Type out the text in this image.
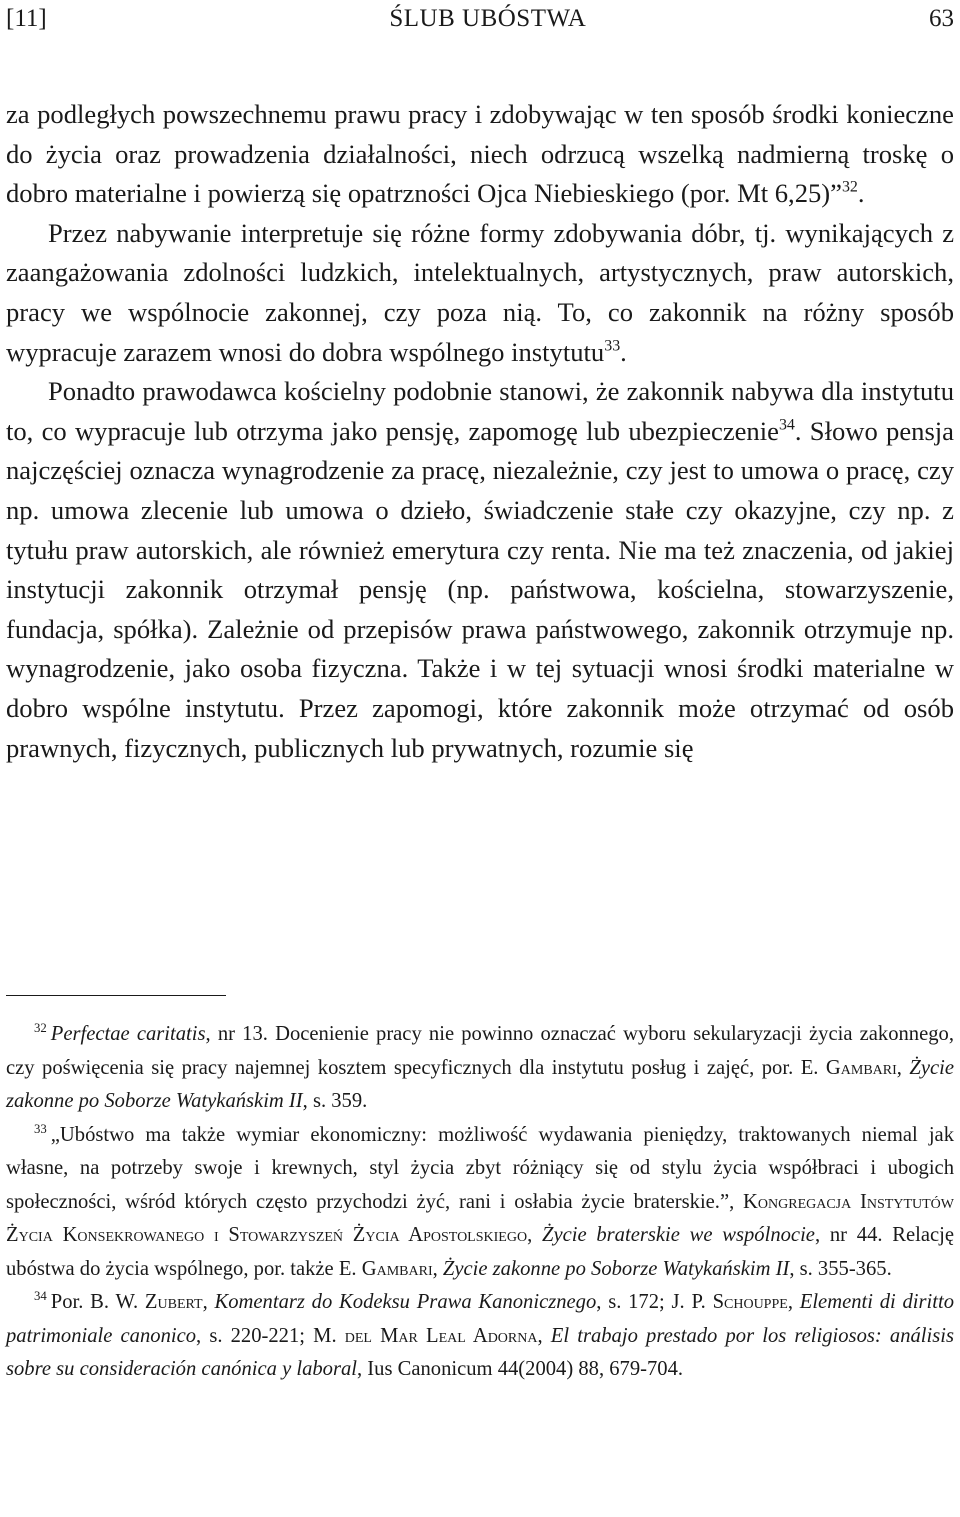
[11]	ŚLUB UBÓSTWA	63

za podległych powszechnemu prawu pracy i zdobywając w ten sposób środki konieczne do życia oraz prowadzenia działalności, niech odrzucą wszelką nadmierną troskę o dobro materialne i powierzą się opatrzności Ojca Niebieskiego (por. Mt 6,25)”$^{32}$.

Przez nabywanie interpretuje się różne formy zdobywania dóbr, tj. wynikających z zaangażowania zdolności ludzkich, intelektualnych, artystycznych, praw autorskich, pracy we wspólnocie zakonnej, czy poza nią. To, co zakonnik na różny sposób wypracuje zarazem wnosi do dobra wspólnego instytutu$^{33}$.

Ponadto prawodawca kościelny podobnie stanowi, że zakonnik nabywa dla instytutu to, co wypracuje lub otrzyma jako pensję, zapomogę lub ubezpieczenie$^{34}$. Słowo pensja najczęściej oznacza wynagrodzenie za pracę, niezależnie, czy jest to umowa o pracę, czy np. umowa zlecenie lub umowa o dzieło, świadczenie stałe czy okazyjne, czy np. z tytułu praw autorskich, ale również emerytura czy renta. Nie ma też znaczenia, od jakiej instytucji zakonnik otrzymał pensję (np. państwowa, kościelna, stowarzyszenie, fundacja, spółka). Zależnie od przepisów prawa państwowego, zakonnik otrzymuje np. wynagrodzenie, jako osoba fizyczna. Także i w tej sytuacji wnosi środki materialne w dobro wspólne instytutu. Przez zapomogi, które zakonnik może otrzymać od osób prawnych, fizycznych, publicznych lub prywatnych, rozumie się

$^{32}$ Perfectae caritatis, nr 13. Docenienie pracy nie powinno oznaczać wyboru sekularyzacji życia zakonnego, czy poświęcenia się pracy najemnej kosztem specyficznych dla instytutu posług i zajęć, por. E. Gambari, Życie zakonne po Soborze Watykańskim II, s. 359.

$^{33}$ „Ubóstwo ma także wymiar ekonomiczny: możliwość wydawania pieniędzy, traktowanych niemal jak własne, na potrzeby swoje i krewnych, styl życia zbyt różniący się od stylu życia współbraci i ubogich społeczności, wśród których często przychodzi żyć, rani i osłabia życie braterskie.”, Kongregacja Instytutów Życia Konsekrowanego i Stowarzyszeń Życia Apostolskiego, Życie braterskie we wspólnocie, nr 44. Relację ubóstwa do życia wspólnego, por. także E. Gambari, Życie zakonne po Soborze Watykańskim II, s. 355-365.

$^{34}$ Por. B. W. Zubert, Komentarz do Kodeksu Prawa Kanonicznego, s. 172; J. P. Schouppe, Elementi di diritto patrimoniale canonico, s. 220-221; M. del Mar Leal Adorna, El trabajo prestado por los religiosos: análisis sobre su consideración canónica y laboral, Ius Canonicum 44(2004) 88, 679-704.
